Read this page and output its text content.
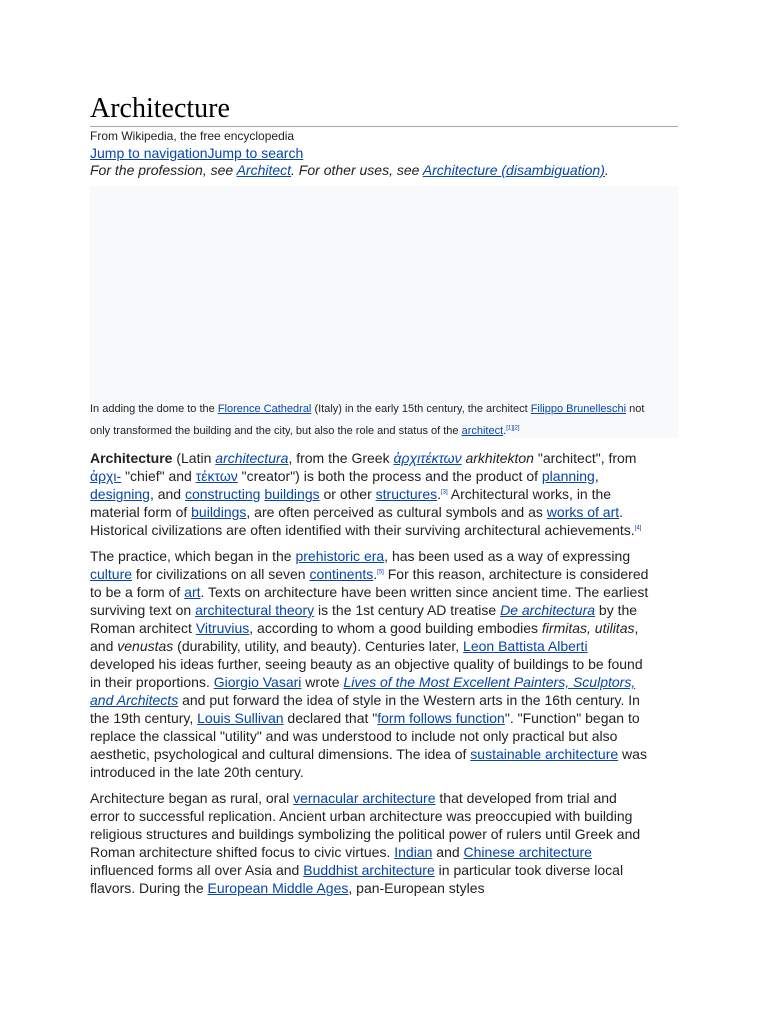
Architecture
From Wikipedia, the free encyclopedia
Jump to navigationJump to search
For the profession, see Architect. For other uses, see Architecture (disambiguation).
In adding the dome to the Florence Cathedral (Italy) in the early 15th century, the architect Filippo Brunelleschi not only transformed the building and the city, but also the role and status of the architect.[1][2]

Architecture (Latin architectura, from the Greek ἀρχιτέκτων arkhitekton "architect", from ἀρχι- "chief" and τέκτων "creator") is both the process and the product of planning, designing, and constructing buildings or other structures.[3] Architectural works, in the material form of buildings, are often perceived as cultural symbols and as works of art. Historical civilizations are often identified with their surviving architectural achievements.[4]

The practice, which began in the prehistoric era, has been used as a way of expressing culture for civilizations on all seven continents.[5] For this reason, architecture is considered to be a form of art. Texts on architecture have been written since ancient time. The earliest surviving text on architectural theory is the 1st century AD treatise De architectura by the Roman architect Vitruvius, according to whom a good building embodies firmitas, utilitas, and venustas (durability, utility, and beauty). Centuries later, Leon Battista Alberti developed his ideas further, seeing beauty as an objective quality of buildings to be found in their proportions. Giorgio Vasari wrote Lives of the Most Excellent Painters, Sculptors, and Architects and put forward the idea of style in the Western arts in the 16th century. In the 19th century, Louis Sullivan declared that "form follows function". "Function" began to replace the classical "utility" and was understood to include not only practical but also aesthetic, psychological and cultural dimensions. The idea of sustainable architecture was introduced in the late 20th century.

Architecture began as rural, oral vernacular architecture that developed from trial and error to successful replication. Ancient urban architecture was preoccupied with building religious structures and buildings symbolizing the political power of rulers until Greek and Roman architecture shifted focus to civic virtues. Indian and Chinese architecture influenced forms all over Asia and Buddhist architecture in particular took diverse local flavors. During the European Middle Ages, pan-European styles
